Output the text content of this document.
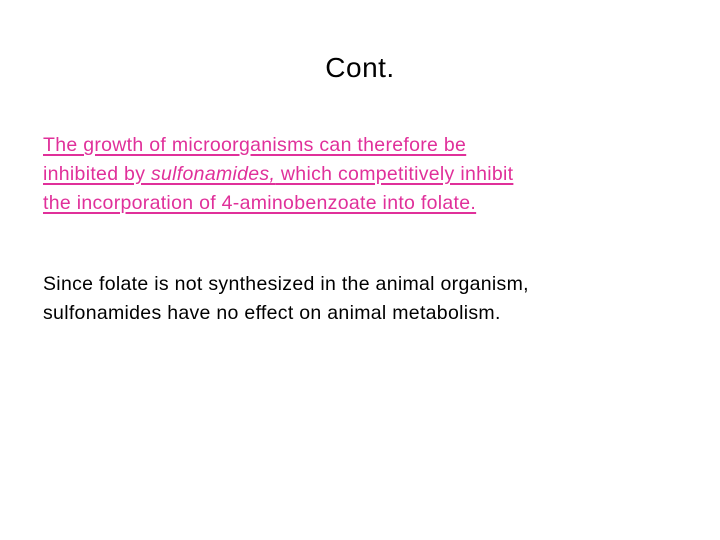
Cont.
The growth of microorganisms can therefore be
inhibited by sulfonamides, which competitively inhibit
the incorporation of 4-aminobenzoate into folate.
Since folate is not synthesized in the animal organism,
sulfonamides have no effect on animal metabolism.
